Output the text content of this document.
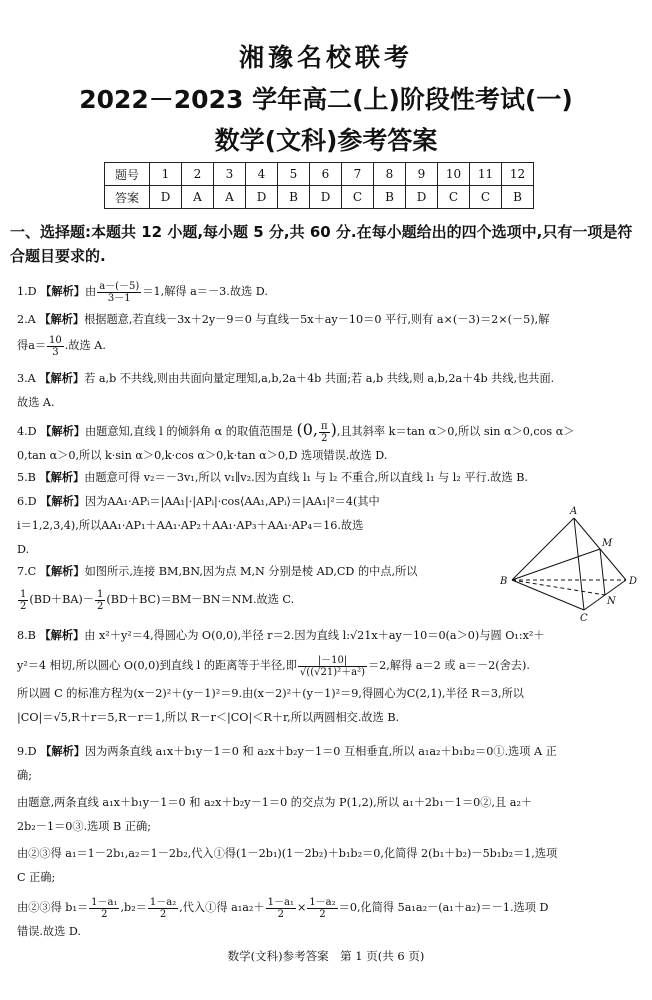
湘豫名校联考
2022－2023 学年高二(上)阶段性考试(一)
数学(文科)参考答案
题号	1	2	3	4	5	6	7	8	9	10	11	12
答案	D	A	A	D	B	D	C	B	D	C	C	B
一、选择题:本题共 12 小题,每小题 5 分,共 60 分.在每小题给出的四个选项中,只有一项是符合题目要求的.
1.D 【解析】由 $\frac{a-(-5)}{3-1} =1$,解得 a＝－3.故选 D.
2.A 【解析】根据题意,若直线－3x＋2y－9＝0 与直线－5x＋ay－10＝0 平行,则有 a×(－3)＝2×(－5),解
得$a= \frac{10}{3}$ .故选 A.
3.A 【解析】若 a,b 不共线,则由共面向量定理知,a,b,2a＋4b 共面;若 a,b 共线,则 a,b,2a＋4b 共线,也共面.
故选 A.
4.D 【解析】由题意知,直线 l 的倾斜角 α 的取值范围是 (0, $\frac{\pi}{2}$ ),且其斜率 k＝tan α＞0,所以 sin α＞0,cos α＞
0,tan α＞0,所以 k·sin α＞0,k·cos α＞0,k·tan α＞0,D 选项错误.故选 D.
5.B 【解析】由题意可得 v₂＝－3v₁,所以 v₁∥v₂.因为直线 l₁ 与 l₂ 不重合,所以直线 l₁ 与 l₂ 平行.故选 B.
6.D 【解析】因为AA₁·APᵢ＝|AA₁|·|APᵢ|·cos⟨AA₁,APᵢ⟩＝|AA₁|²＝4(其中
i＝1,2,3,4),所以AA₁·AP₁＋AA₁·AP₂＋AA₁·AP₃＋AA₁·AP₄＝16.故选
D.
7.C 【解析】如图所示,连接 BM,BN,因为点 M,N 分别是棱 AD,CD 的中点,所以
$\frac{1}{2} (BD+BA)- \frac{1}{2} (BD+BC)=BM-BN=NM$.故选 C.
A
M
B	D
N
C
8.B 【解析】由 x²＋y²＝4,得圆心为 O(0,0),半径 r＝2.因为直线 l:√21x＋ay－10＝0(a＞0)与圆 O₁:x²＋
y²＝4 相切,所以圆心 O(0,0)到直线 l 的距离等于半径,即 $\frac{|-10|}{\text{√((√21)²＋a²)}} =2$,解得 a＝2 或 a＝－2(舍去).
所以圆 C 的标准方程为(x－2)²＋(y－1)²＝9.由(x－2)²＋(y－1)²＝9,得圆心为C(2,1),半径 R＝3,所以
|CO|＝√5,R＋r＝5,R－r＝1,所以 R－r＜|CO|＜R＋r,所以两圆相交.故选 B.
9.D 【解析】因为两条直线 a₁x＋b₁y－1＝0 和 a₂x＋b₂y－1＝0 互相垂直,所以 a₁a₂＋b₁b₂＝0①.选项 A 正
确;
由题意,两条直线 a₁x＋b₁y－1＝0 和 a₂x＋b₂y－1＝0 的交点为 P(1,2),所以 a₁＋2b₁－1＝0②,且 a₂＋
2b₂－1＝0③.选项 B 正确;
由②③得 a₁＝1－2b₁,a₂＝1－2b₂,代入①得(1－2b₁)(1－2b₂)＋b₁b₂＝0,化简得 2(b₁＋b₂)－5b₁b₂＝1,选项
C 正确;
由②③得 $b_1= \frac{\text{1－a₁}}{2} ,b_2= \frac{\text{1－a₂}}{2}$ ,代入①得 $a_1a_2+ \frac{\text{1－a₁}}{2} \times \frac{\text{1－a₂}}{2} =0$,化简得 5a₁a₂－(a₁＋a₂)＝－1.选项 D
错误.故选 D.
数学(文科)参考答案　第 1 页(共 6 页)
